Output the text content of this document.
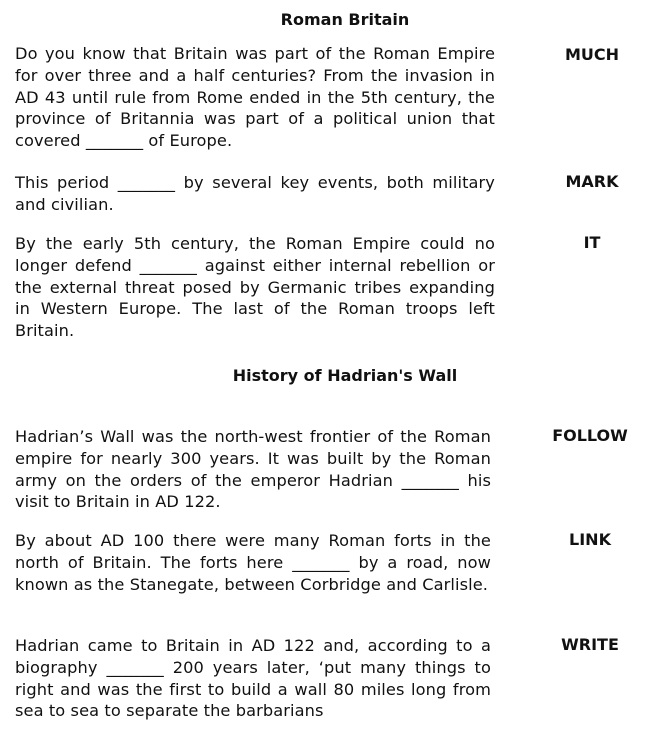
Roman Britain

Do you know that Britain was part of the Roman Empire for over three and a half centuries? From the invasion in AD 43 until rule from Rome ended in the 5th century, the province of Britannia was part of a political union that covered _______ of Europe.

MUCH

This period _______ by several key events, both military and civilian.

MARK

By the early 5th century, the Roman Empire could no longer defend _______ against either internal rebellion or the external threat posed by Germanic tribes expanding in Western Europe. The last of the Roman troops left Britain.

IT
History of Hadrian's Wall

Hadrian’s Wall was the north-west frontier of the Roman empire for nearly 300 years. It was built by the Roman army on the orders of the emperor Hadrian _______ his visit to Britain in AD 122.

FOLLOW

By about AD 100 there were many Roman forts in the north of Britain. The forts here _______ by a road, now known as the Stanegate, between Corbridge and Carlisle.

LINK

Hadrian came to Britain in AD 122 and, according to a biography _______ 200 years later, ‘put many things to right and was the first to build a wall 80 miles long from sea to sea to separate the barbarians

WRITE
